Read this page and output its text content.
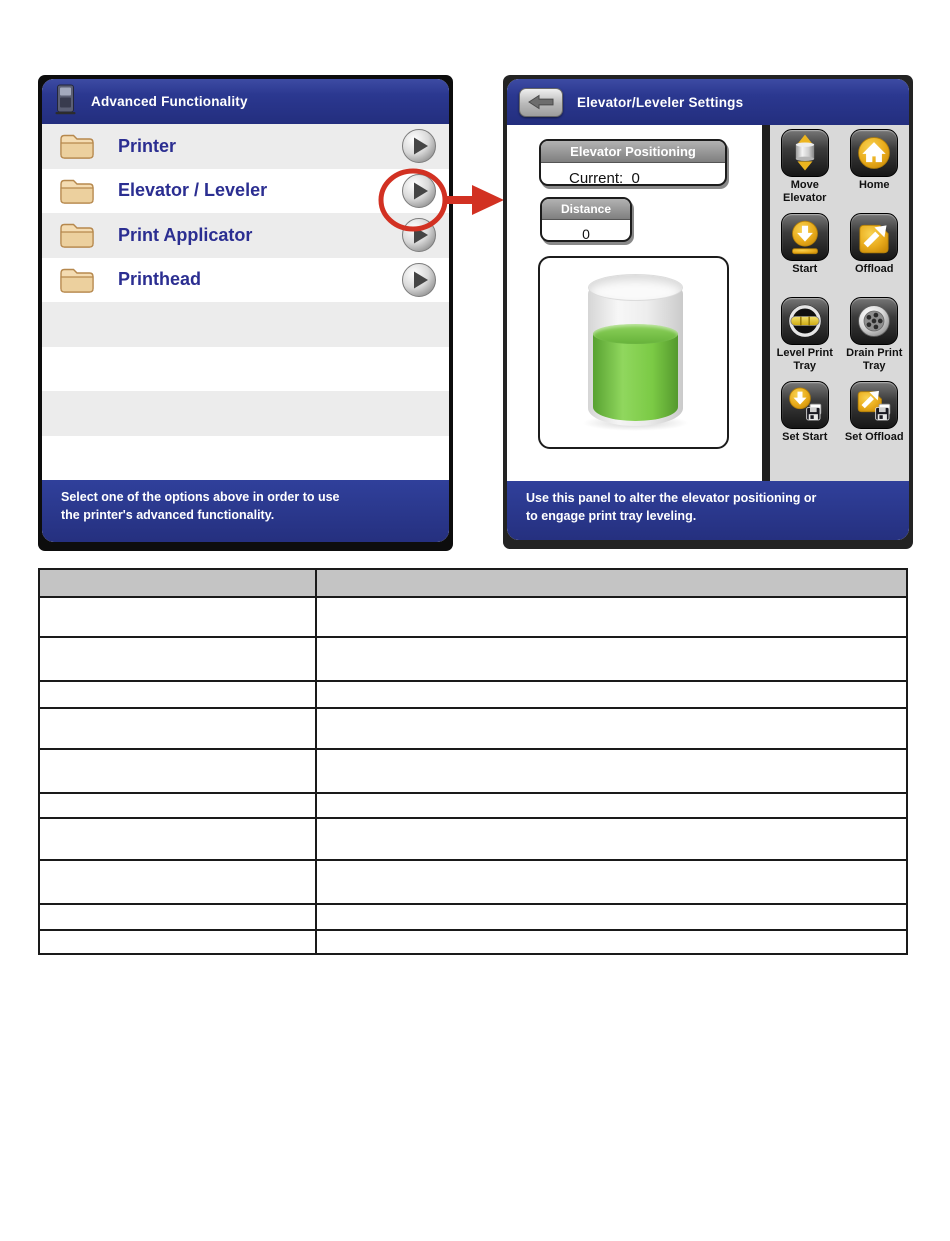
Advanced Functionality
Printer
Elevator / Leveler
Print Applicator
Printhead
Select one of the options above in order to use
the printer's advanced functionality.
Elevator/Leveler Settings
Elevator Positioning
Current: 0
Distance
0
Move Elevator
Home
Start	Offload
Level Print Tray
Drain Print Tray
Set Start Set Offload
Use this panel to alter the elevator positioning or
to engage print tray leveling.
